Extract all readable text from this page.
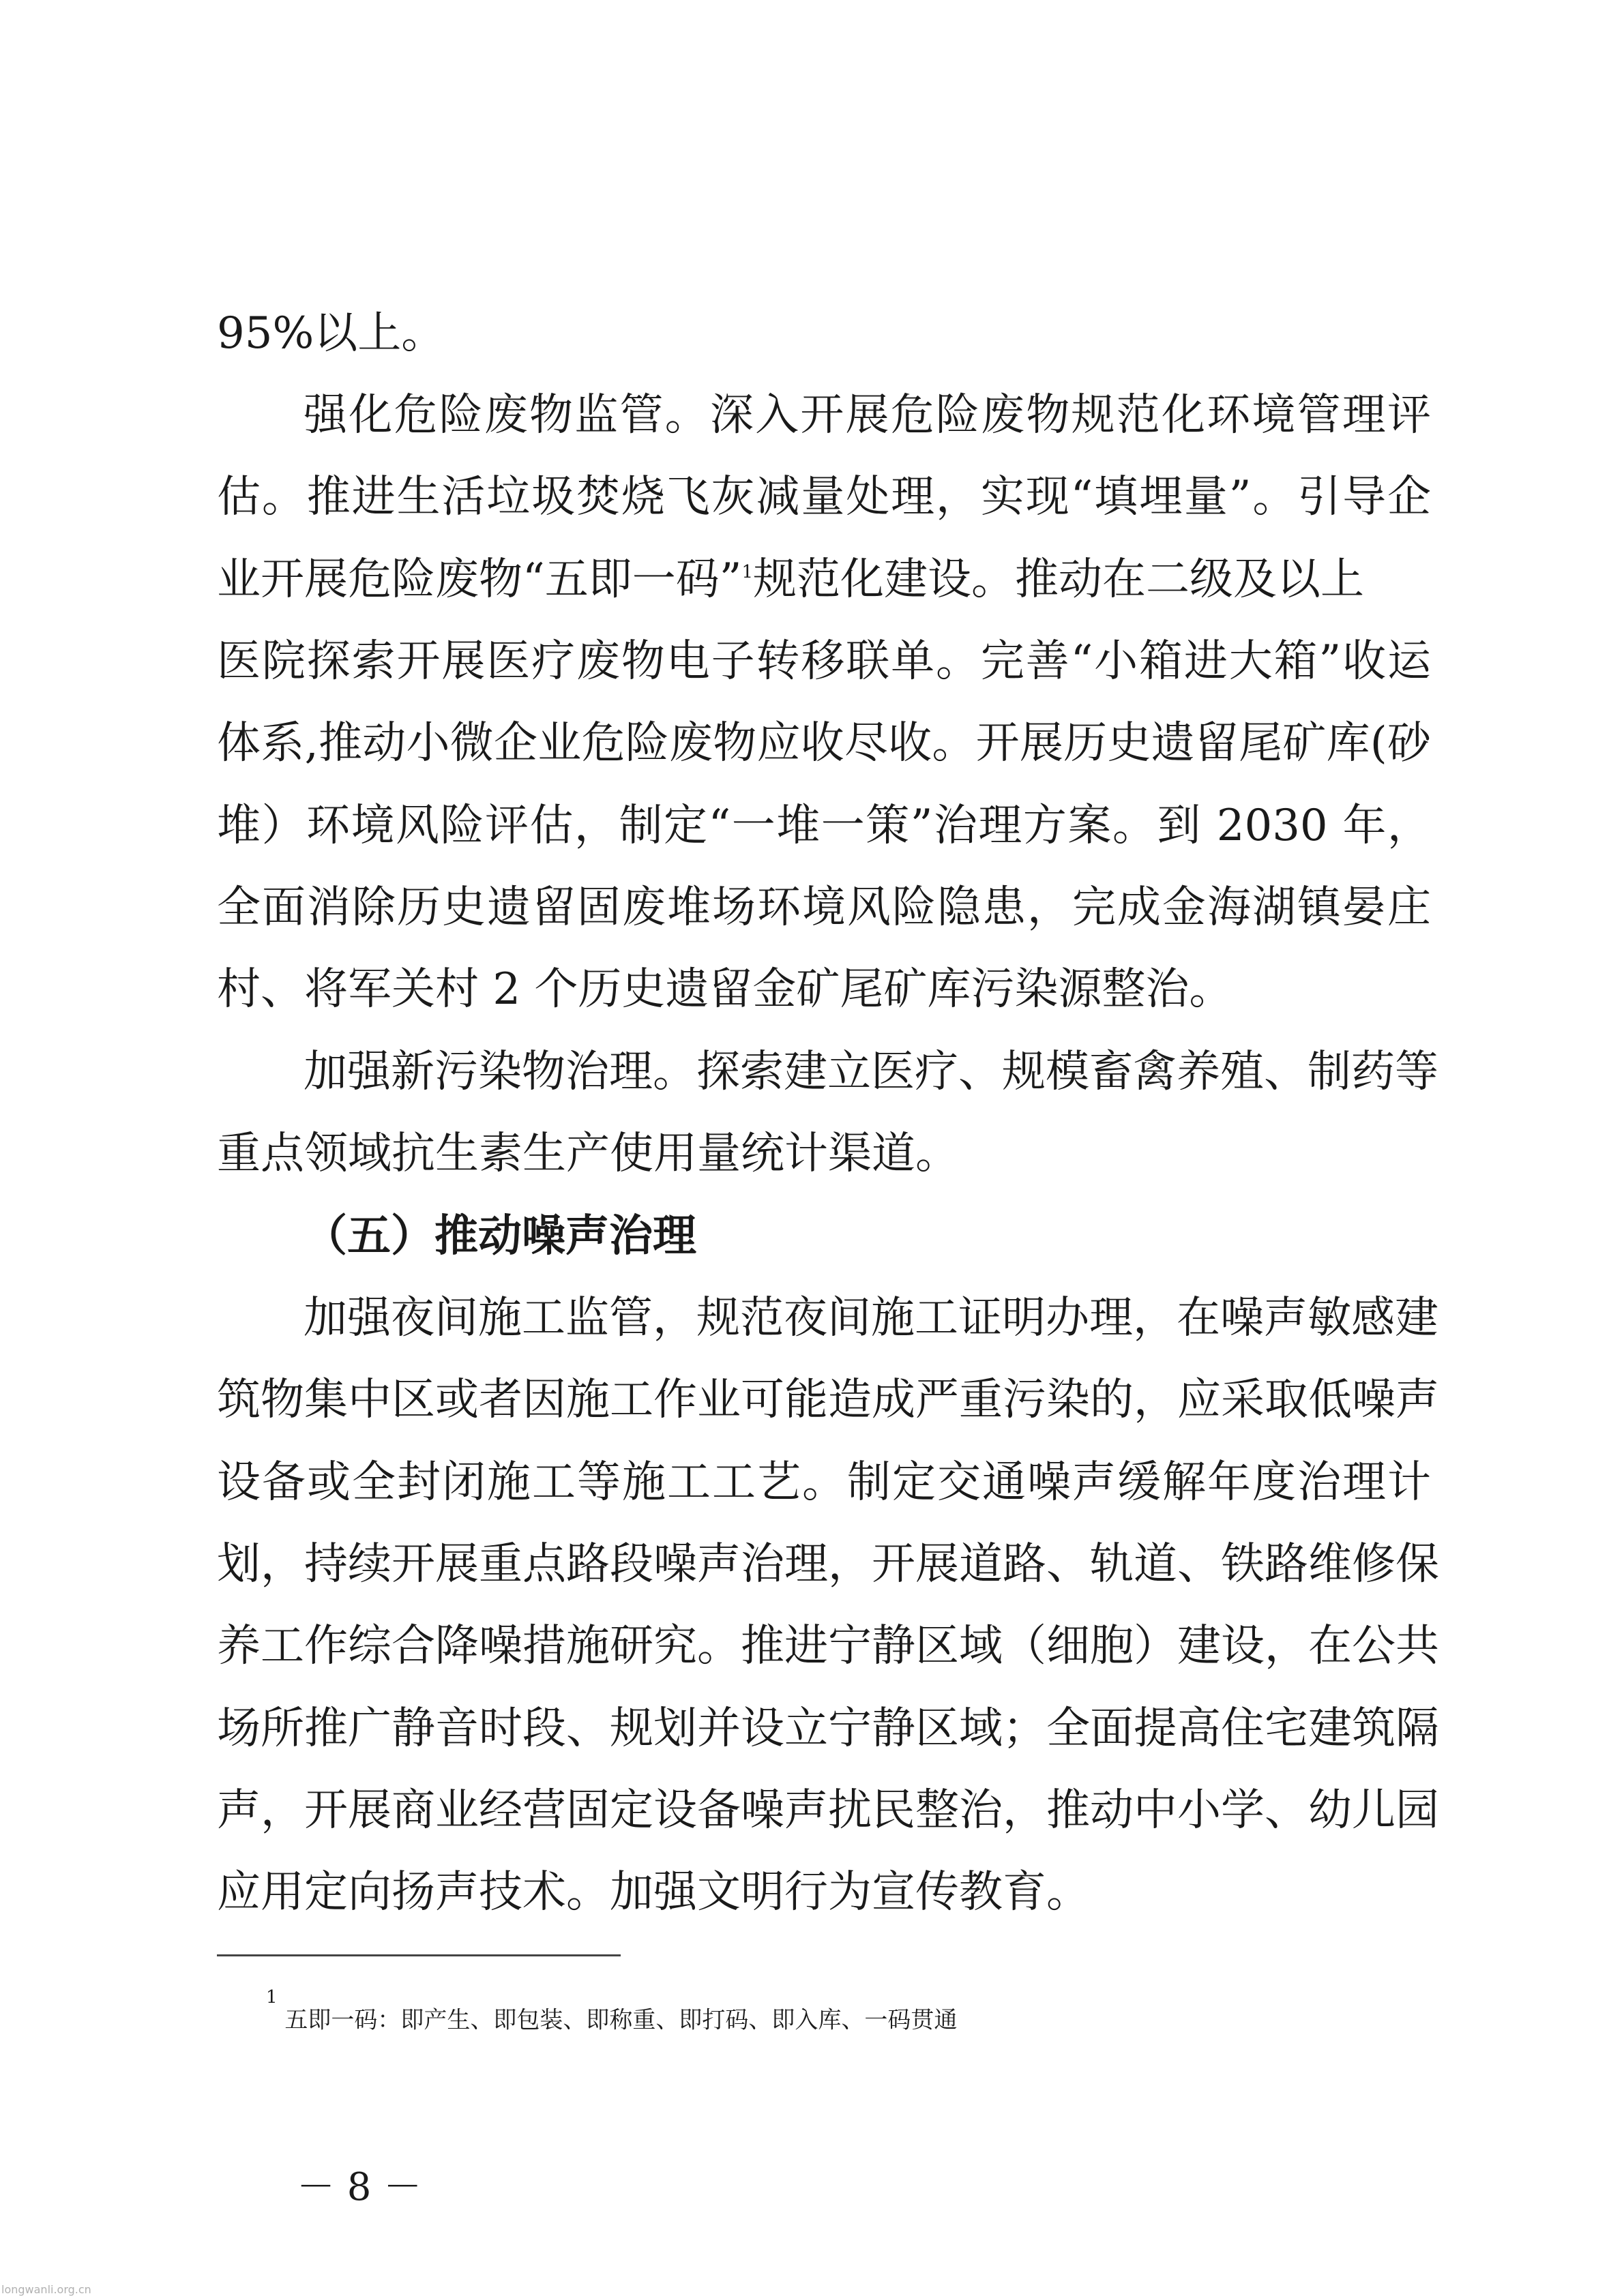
95%以上。
强化危险废物监管。深入开展危险废物规范化环境管理评
估。推进生活垃圾焚烧飞灰减量处理，实现“填埋量”。引导企
业开展危险废物“五即一码”$^1$规范化建设。推动在二级及以上
医院探索开展医疗废物电子转移联单。完善“小箱进大箱”收运
体系,推动小微企业危险废物应收尽收。开展历史遗留尾矿库(砂
堆）环境风险评估，制定“一堆一策”治理方案。到 2030 年，
全面消除历史遗留固废堆场环境风险隐患，完成金海湖镇晏庄
村、将军关村 2 个历史遗留金矿尾矿库污染源整治。
加强新污染物治理。探索建立医疗、规模畜禽养殖、制药等
重点领域抗生素生产使用量统计渠道。
（五）推动噪声治理
加强夜间施工监管，规范夜间施工证明办理，在噪声敏感建
筑物集中区或者因施工作业可能造成严重污染的，应采取低噪声
设备或全封闭施工等施工工艺。制定交通噪声缓解年度治理计
划，持续开展重点路段噪声治理，开展道路、轨道、铁路维修保
养工作综合降噪措施研究。推进宁静区域（细胞）建设，在公共
场所推广静音时段、规划并设立宁静区域；全面提高住宅建筑隔
声，开展商业经营固定设备噪声扰民整治，推动中小学、幼儿园
应用定向扬声技术。加强文明行为宣传教育。
$^1$ 五即一码：即产生、即包装、即称重、即打码、即入库、一码贯通
－ 8 －
longwanli.org.cn
